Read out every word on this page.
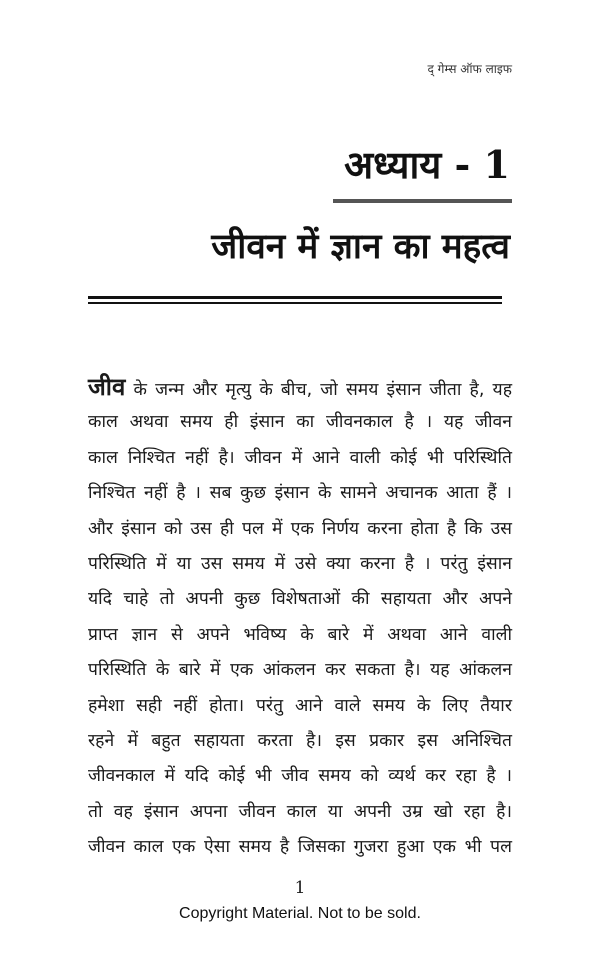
द् गेम्स ऑफ लाइफ
अध्याय - 1
जीवन में ज्ञान का महत्व
जीव के जन्म और मृत्यु के बीच, जो समय इंसान जीता है, यह
काल अथवा समय ही इंसान का जीवनकाल है । यह जीवन
काल निश्चित नहीं है। जीवन में आने वाली कोई भी परिस्थिति
निश्चित नहीं है । सब कुछ इंसान के सामने अचानक आता हैं ।
और इंसान को उस ही पल में एक निर्णय करना होता है कि उस
परिस्थिति में या उस समय में उसे क्या करना है । परंतु इंसान
यदि चाहे तो अपनी कुछ विशेषताओं की सहायता और अपने
प्राप्त ज्ञान से अपने भविष्य के बारे में अथवा आने वाली
परिस्थिति के बारे में एक आंकलन कर सकता है। यह आंकलन
हमेशा सही नहीं होता। परंतु आने वाले समय के लिए तैयार
रहने में बहुत सहायता करता है। इस प्रकार इस अनिश्चित
जीवनकाल में यदि कोई भी जीव समय को व्यर्थ कर रहा है ।
तो वह इंसान अपना जीवन काल या अपनी उम्र खो रहा है।
जीवन काल एक ऐसा समय है जिसका गुजरा हुआ एक भी पल
1
Copyright Material. Not to be sold.
